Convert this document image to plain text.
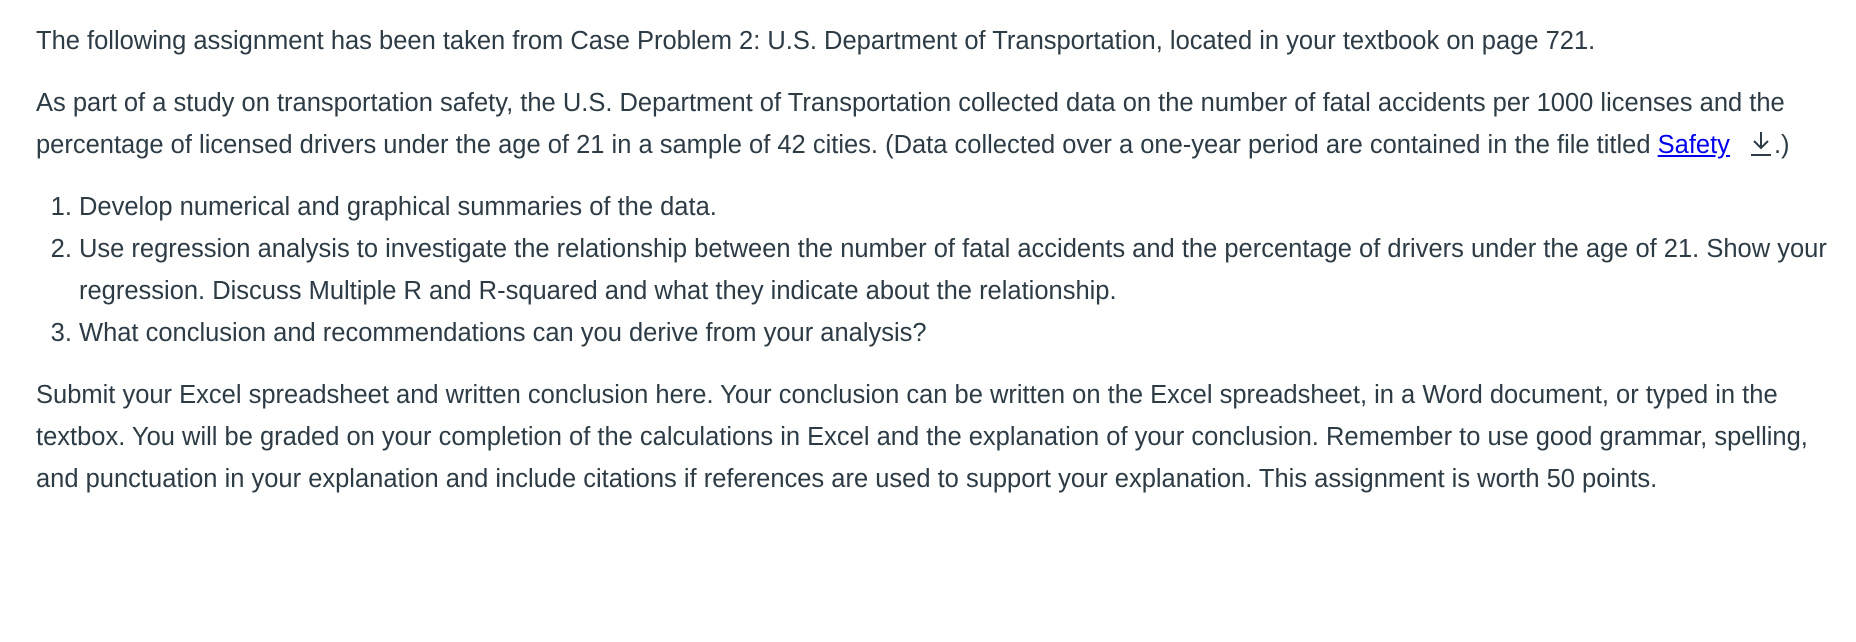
The following assignment has been taken from Case Problem 2: U.S. Department of Transportation, located in your textbook on page 721.

As part of a study on transportation safety, the U.S. Department of Transportation collected data on the number of fatal accidents per 1000 licenses and the percentage of licensed drivers under the age of 21 in a sample of 42 cities. (Data collected over a one-year period are contained in the file titled Safety .)

1. Develop numerical and graphical summaries of the data.
2. Use regression analysis to investigate the relationship between the number of fatal accidents and the percentage of drivers under the age of 21. Show your regression. Discuss Multiple R and R-squared and what they indicate about the relationship.
3. What conclusion and recommendations can you derive from your analysis?

Submit your Excel spreadsheet and written conclusion here. Your conclusion can be written on the Excel spreadsheet, in a Word document, or typed in the textbox. You will be graded on your completion of the calculations in Excel and the explanation of your conclusion. Remember to use good grammar, spelling, and punctuation in your explanation and include citations if references are used to support your explanation. This assignment is worth 50 points.
